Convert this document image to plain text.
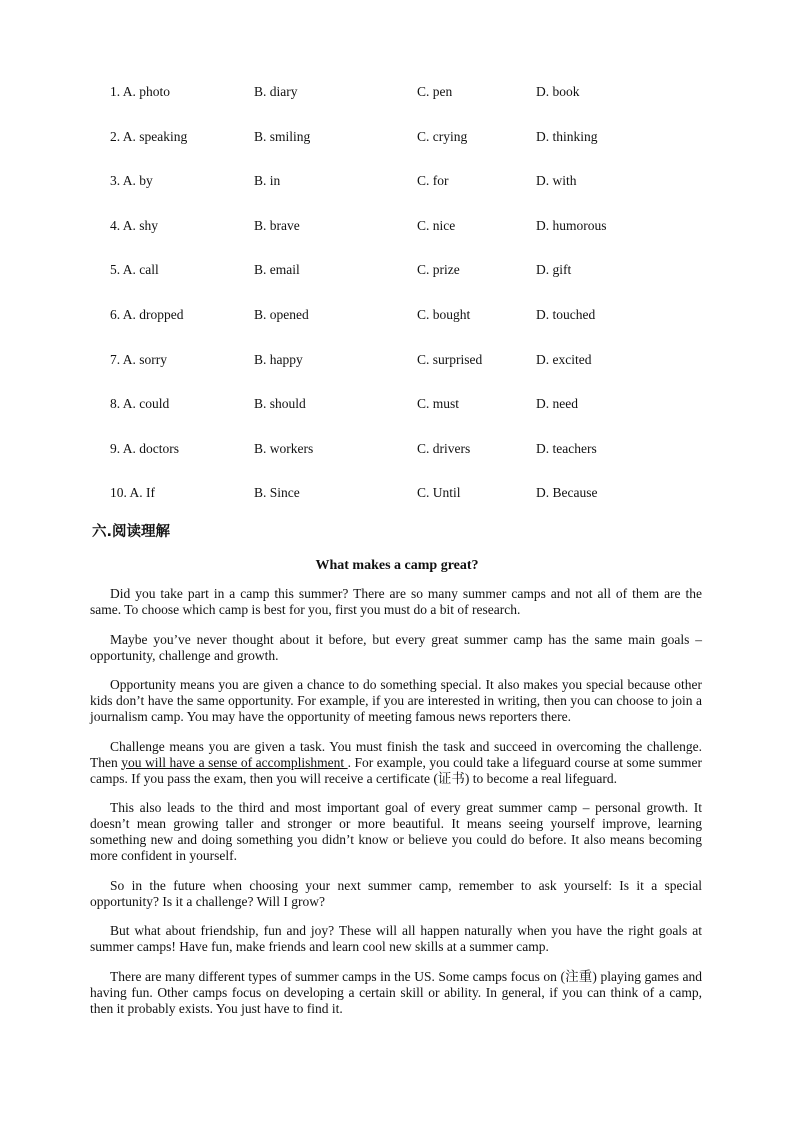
1. A. photo	B. diary	C. pen	D. book
2. A. speaking	B. smiling	C. crying	D. thinking
3. A. by	B. in	C. for	D. with
4. A. shy	B. brave	C. nice	D. humorous
5. A. call	B. email	C. prize	D. gift
6. A. dropped	B. opened	C. bought	D. touched
7. A. sorry	B. happy	C. surprised	D. excited
8. A. could	B. should	C. must	D. need
9. A. doctors	B. workers	C. drivers	D. teachers
10. A. If	B. Since	C. Until	D. Because
六.阅读理解
What makes a camp great?

Did you take part in a camp this summer? There are so many summer camps and not all of them are the same. To choose which camp is best for you, first you must do a bit of research.

Maybe you’ve never thought about it before, but every great summer camp has the same main goals – opportunity, challenge and growth.

Opportunity means you are given a chance to do something special. It also makes you special because other kids don’t have the same opportunity. For example, if you are interested in writing, then you can choose to join a journalism camp. You may have the opportunity of meeting famous news reporters there.

Challenge means you are given a task. You must finish the task and succeed in overcoming the challenge. Then you will have a sense of accomplishment . For example, you could take a lifeguard course at some summer camps. If you pass the exam, then you will receive a certificate (证书) to become a real lifeguard.

This also leads to the third and most important goal of every great summer camp – personal growth. It doesn’t mean growing taller and stronger or more beautiful. It means seeing yourself improve, learning something new and doing something you didn’t know or believe you could do before. It also means becoming more confident in yourself.

So in the future when choosing your next summer camp, remember to ask yourself: Is it a special opportunity? Is it a challenge? Will I grow?

But what about friendship, fun and joy? These will all happen naturally when you have the right goals at summer camps! Have fun, make friends and learn cool new skills at a summer camp.

There are many different types of summer camps in the US. Some camps focus on (注重) playing games and having fun. Other camps focus on developing a certain skill or ability. In general, if you can think of a camp, then it probably exists. You just have to find it.
